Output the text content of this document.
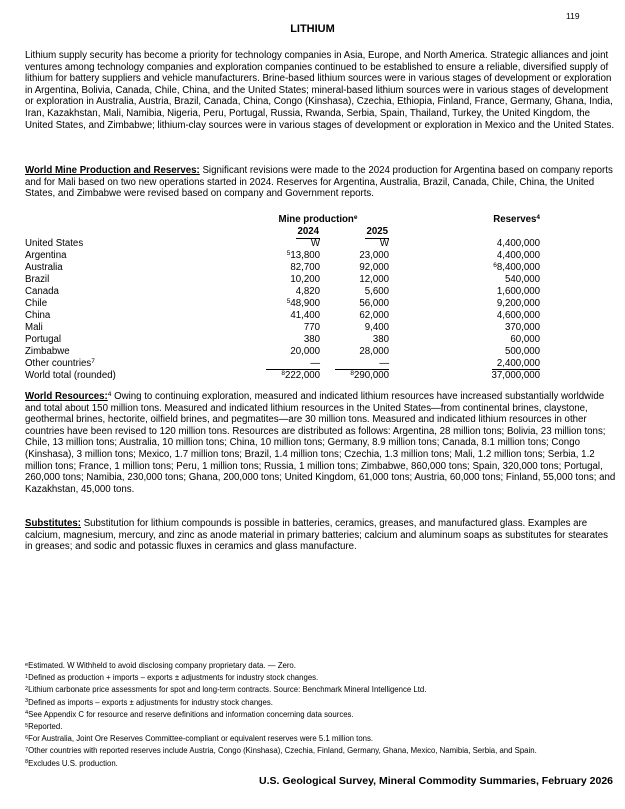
119
LITHIUM
Lithium supply security has become a priority for technology companies in Asia, Europe, and North America. Strategic alliances and joint ventures among technology companies and exploration companies continued to be established to ensure a reliable, diversified supply of lithium for battery suppliers and vehicle manufacturers. Brine-based lithium sources were in various stages of development or exploration in Argentina, Bolivia, Canada, Chile, China, and the United States; mineral-based lithium sources were in various stages of development or exploration in Australia, Austria, Brazil, Canada, China, Congo (Kinshasa), Czechia, Ethiopia, Finland, France, Germany, Ghana, India, Iran, Kazakhstan, Mali, Namibia, Nigeria, Peru, Portugal, Russia, Rwanda, Serbia, Spain, Thailand, Turkey, the United Kingdom, the United States, and Zimbabwe; lithium-clay sources were in various stages of development or exploration in Mexico and the United States.
World Mine Production and Reserves: Significant revisions were made to the 2024 production for Argentina based on company reports and for Mali based on two new operations started in 2024. Reserves for Argentina, Australia, Brazil, Canada, Chile, China, the United States, and Zimbabwe were revised based on company and Government reports.
	Mine production$^e$		Reserves$^4$	
	2024	2025		
United States	W	W	4,400,000	
Argentina	$^5$13,800	23,000	4,400,000	
Australia	82,700	92,000	$^6$8,400,000	
Brazil	10,200	12,000	540,000	
Canada	4,820	5,600	1,600,000	
Chile	$^5$48,900	56,000	9,200,000	
China	41,400	62,000	4,600,000	
Mali	770	9,400	370,000	
Portugal	380	380	60,000	
Zimbabwe	20,000	28,000	500,000	
Other countries$^7$	—	—	2,400,000	
World total (rounded)	$^8$222,000	$^8$290,000	37,000,000	
World Resources:$^4$ Owing to continuing exploration, measured and indicated lithium resources have increased substantially worldwide and total about 150 million tons. Measured and indicated lithium resources in the United States—from continental brines, claystone, geothermal brines, hectorite, oilfield brines, and pegmatites—are 30 million tons. Measured and indicated lithium resources in other countries have been revised to 120 million tons. Resources are distributed as follows: Argentina, 28 million tons; Bolivia, 23 million tons; Chile, 13 million tons; Australia, 10 million tons; China, 10 million tons; Germany, 8.9 million tons; Canada, 8.1 million tons; Congo (Kinshasa), 3 million tons; Mexico, 1.7 million tons; Brazil, 1.4 million tons; Czechia, 1.3 million tons; Mali, 1.2 million tons; Serbia, 1.2 million tons; France, 1 million tons; Peru, 1 million tons; Russia, 1 million tons; Zimbabwe, 860,000 tons; Spain, 320,000 tons; Portugal, 260,000 tons; Namibia, 230,000 tons; Ghana, 200,000 tons; United Kingdom, 61,000 tons; Austria, 60,000 tons; Finland, 55,000 tons; and Kazakhstan, 45,000 tons.
Substitutes: Substitution for lithium compounds is possible in batteries, ceramics, greases, and manufactured glass. Examples are calcium, magnesium, mercury, and zinc as anode material in primary batteries; calcium and aluminum soaps as substitutes for stearates in greases; and sodic and potassic fluxes in ceramics and glass manufacture.
$^e$Estimated. W Withheld to avoid disclosing company proprietary data. — Zero.
$^1$Defined as production + imports – exports ± adjustments for industry stock changes.
$^2$Lithium carbonate price assessments for spot and long-term contracts. Source: Benchmark Mineral Intelligence Ltd.
$^3$Defined as imports – exports ± adjustments for industry stock changes.
$^4$See Appendix C for resource and reserve definitions and information concerning data sources.
$^5$Reported.
$^6$For Australia, Joint Ore Reserves Committee-compliant or equivalent reserves were 5.1 million tons.
$^7$Other countries with reported reserves include Austria, Congo (Kinshasa), Czechia, Finland, Germany, Ghana, Mexico, Namibia, Serbia, and Spain.
$^8$Excludes U.S. production.
U.S. Geological Survey, Mineral Commodity Summaries, February 2026
